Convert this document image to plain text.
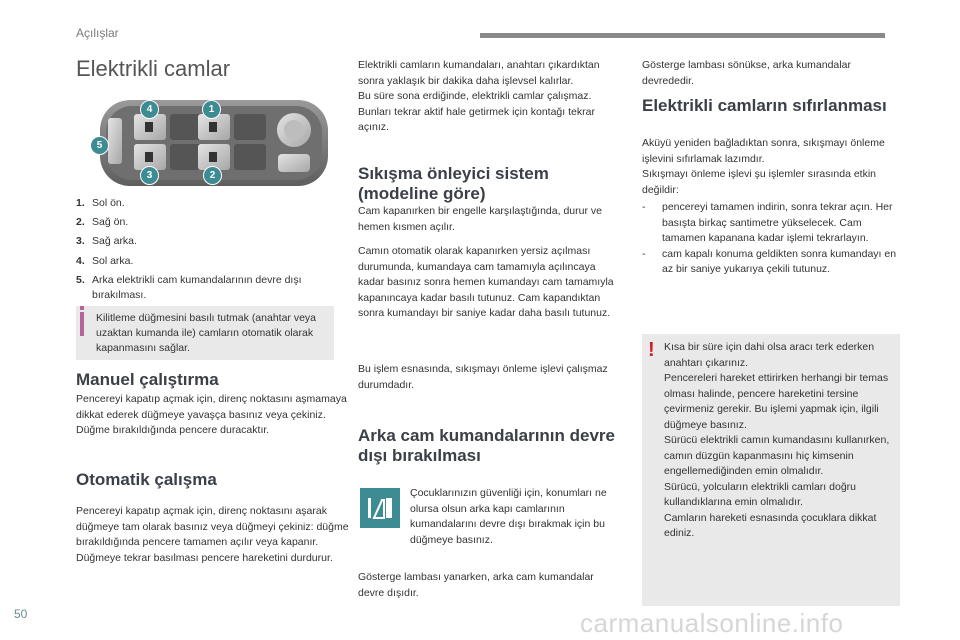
Açılışlar
Elektrikli camlar
4	1
5
3	2
1. Sol ön.
2. Sağ ön.
3. Sağ arka.
4. Sol arka.
5. Arka elektrikli cam kumandalarının devre dışı bırakılması.
Kilitleme düğmesini basılı tutmak (anahtar veya uzaktan kumanda ile) camların otomatik olarak kapanmasını sağlar.
Manuel çalıştırma
Pencereyi kapatıp açmak için, direnç noktasını aşmamaya dikkat ederek düğmeye yavaşça basınız veya çekiniz. Düğme bırakıldığında pencere duracaktır.
Otomatik çalışma
Pencereyi kapatıp açmak için, direnç noktasını aşarak düğmeye tam olarak basınız veya düğmeyi çekiniz: düğme bırakıldığında pencere tamamen açılır veya kapanır. Düğmeye tekrar basılması pencere hareketini durdurur.
Elektrikli camların kumandaları, anahtarı çıkardıktan sonra yaklaşık bir dakika daha işlevsel kalırlar.
Bu süre sona erdiğinde, elektrikli camlar çalışmaz. Bunları tekrar aktif hale getirmek için kontağı tekrar açınız.
Sıkışma önleyici sistem (modeline göre)
Cam kapanırken bir engelle karşılaştığında, durur ve hemen kısmen açılır.
Camın otomatik olarak kapanırken yersiz açılması durumunda, kumandaya cam tamamıyla açılıncaya kadar basınız sonra hemen kumandayı cam tamamıyla kapanıncaya kadar basılı tutunuz. Cam kapandıktan sonra kumandayı bir saniye kadar daha basılı tutunuz.
Bu işlem esnasında, sıkışmayı önleme işlevi çalışmaz durumdadır.
Arka cam kumandalarının devre dışı bırakılması
Çocuklarınızın güvenliği için, konumları ne olursa olsun arka kapı camlarının kumandalarını devre dışı bırakmak için bu düğmeye basınız.
Gösterge lambası yanarken, arka cam kumandalar devre dışıdır.
Gösterge lambası sönükse, arka kumandalar devrededir.
Elektrikli camların sıfırlanması
Aküyü yeniden bağladıktan sonra, sıkışmayı önleme işlevini sıfırlamak lazımdır.
Sıkışmayı önleme işlevi şu işlemler sırasında etkin değildir:
-	pencereyi tamamen indirin, sonra tekrar açın. Her basışta birkaç santimetre yükselecek. Cam tamamen kapanana kadar işlemi tekrarlayın.
-	cam kapalı konuma geldikten sonra kumandayı en az bir saniye yukarıya çekili tutunuz.
! Kısa bir süre için dahi olsa aracı terk ederken anahtarı çıkarınız.
Pencereleri hareket ettirirken herhangi bir temas olması halinde, pencere hareketini tersine çevirmeniz gerekir. Bu işlemi yapmak için, ilgili düğmeye basınız.
Sürücü elektrikli camın kumandasını kullanırken, camın düzgün kapanmasını hiç kimsenin engellemediğinden emin olmalıdır.
Sürücü, yolcuların elektrikli camları doğru kullandıklarına emin olmalıdır.
Camların hareketi esnasında çocuklara dikkat ediniz.
50	carmanualsonline.info
